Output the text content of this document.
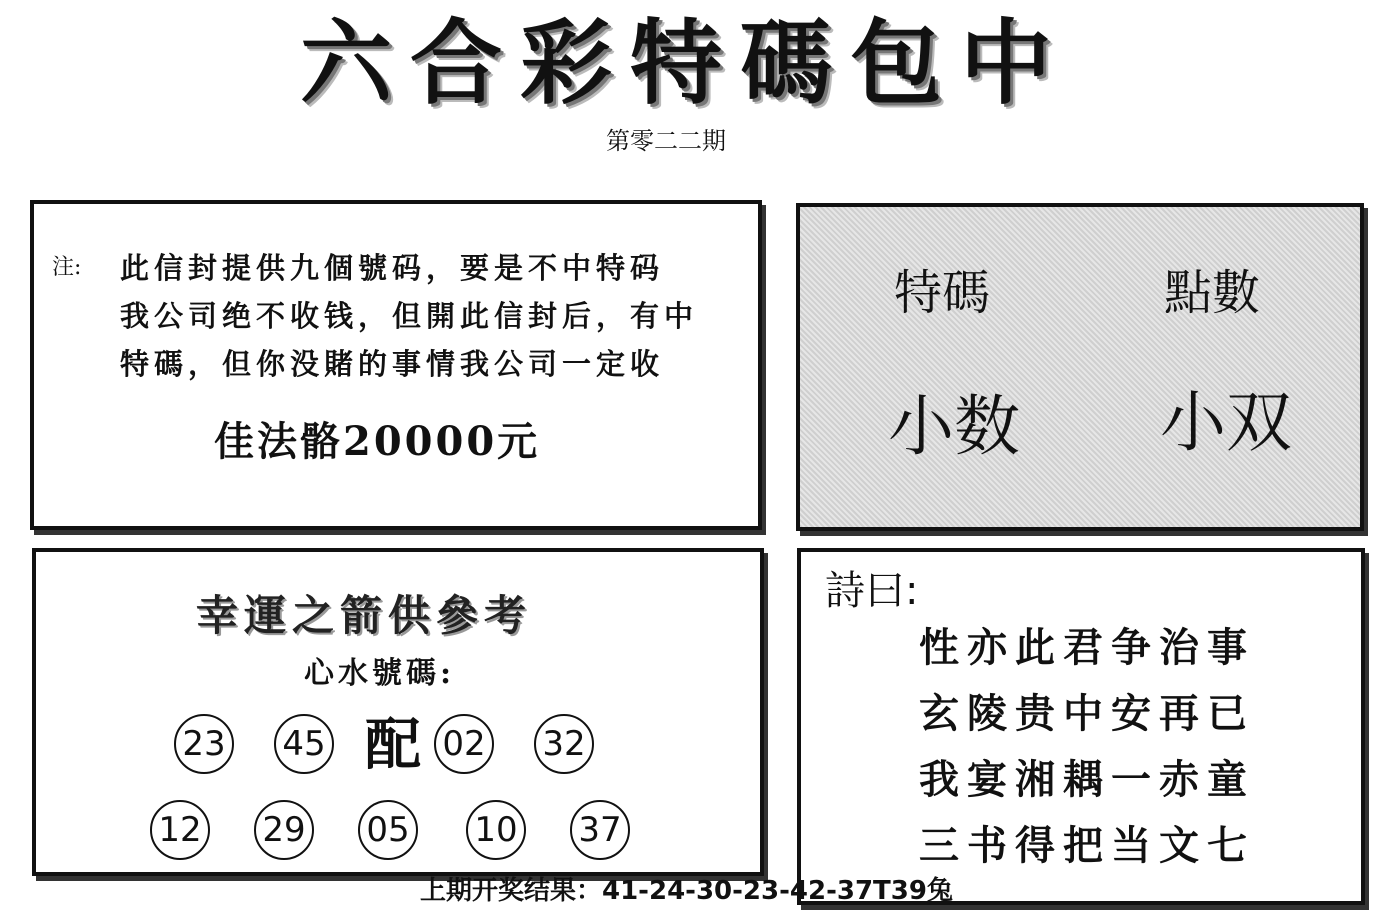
六合彩特碼包中
第零二二期
注: 此信封提供九個號码，要是不中特码
我公司绝不收钱，但開此信封后，有中
特碼，但你没賭的事情我公司一定收
佳法骼20000元
特碼	點數
小数 小双
幸運之箭供參考
心水號碼:
23 45 配 02 32
12 29 05 10 37
詩曰:
性亦此君争治事
玄陵贵中安再已
我宴湘耦一赤童
三书得把当文七
上期开奖结果：41-24-30-23-42-37T39兔
